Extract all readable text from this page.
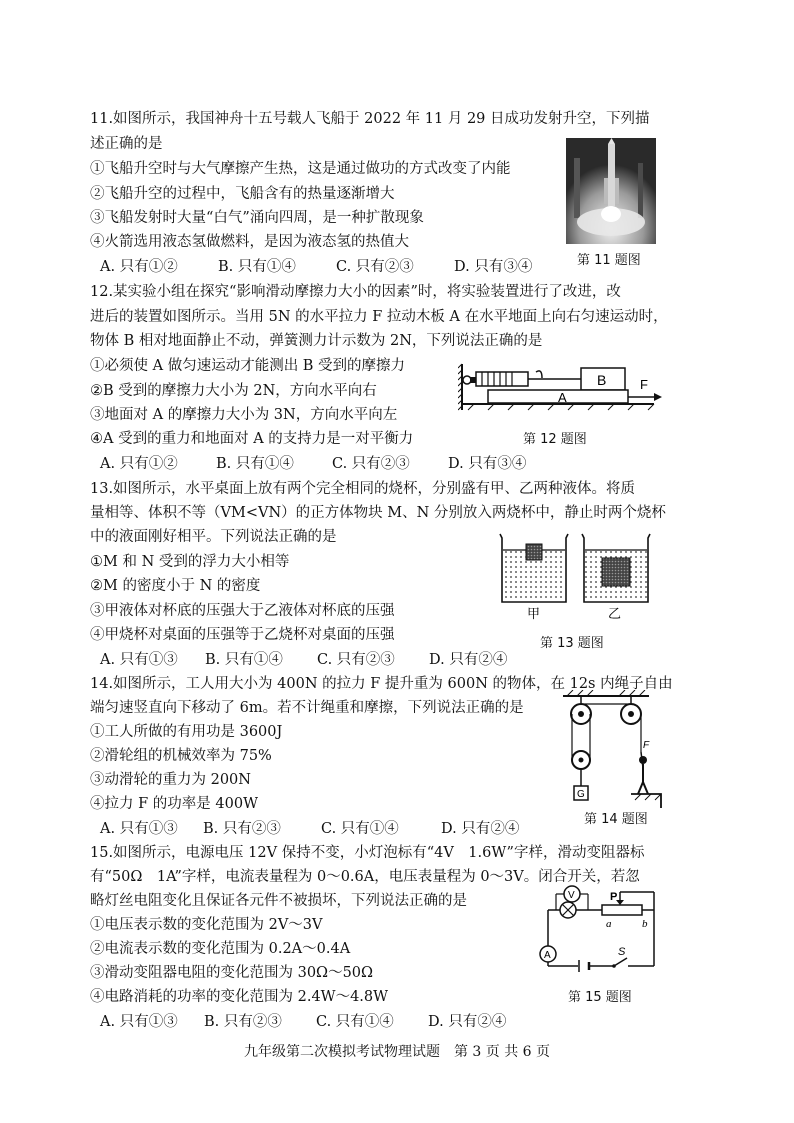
11.如图所示，我国神舟十五号载人飞船于 2022 年 11 月 29 日成功发射升空，下列描
述正确的是
①飞船升空时与大气摩擦产生热，这是通过做功的方式改变了内能
②飞船升空的过程中，飞船含有的热量逐渐增大
③飞船发射时大量“白气”涌向四周，是一种扩散现象
④火箭选用液态氢做燃料，是因为液态氢的热值大
A. 只有①②	B. 只有①④	C. 只有②③	D. 只有③④	第 11 题图
12.某实验小组在探究“影响滑动摩擦力大小的因素”时，将实验装置进行了改进，改
进后的装置如图所示。当用 5N 的水平拉力 F 拉动木板 A 在水平地面上向右匀速运动时，
物体 B 相对地面静止不动，弹簧测力计示数为 2N，下列说法正确的是
①必须使 A 做匀速运动才能测出 B 受到的摩擦力
②B 受到的摩擦力大小为 2N，方向水平向右
③地面对 A 的摩擦力大小为 3N，方向水平向左
④A 受到的重力和地面对 A 的支持力是一对平衡力
A. 只有①②	B. 只有①④	C. 只有②③	D. 只有③④
B
A
F
第 12 题图
13.如图所示，水平桌面上放有两个完全相同的烧杯，分别盛有甲、乙两种液体。将质
量相等、体积不等（VM<VN）的正方体物块 M、N 分别放入两烧杯中，静止时两个烧杯
中的液面刚好相平。下列说法正确的是
①M 和 N 受到的浮力大小相等
②M 的密度小于 N 的密度
③甲液体对杯底的压强大于乙液体对杯底的压强
④甲烧杯对桌面的压强等于乙烧杯对桌面的压强
A. 只有①③ B. 只有①④ C. 只有②③ D. 只有②④
甲	乙
第 13 题图
14.如图所示，工人用大小为 400N 的拉力 F 提升重为 600N 的物体，在 12s 内绳子自由
端匀速竖直向下移动了 6m。若不计绳重和摩擦，下列说法正确的是
①工人所做的有用功是 3600J
②滑轮组的机械效率为 75%
③动滑轮的重力为 200N
④拉力 F 的功率是 400W
A. 只有①③ B. 只有②③	C. 只有①④	D. 只有②④
G
F
第 14 题图
15.如图所示，电源电压 12V 保持不变，小灯泡标有“4V　1.6W”字样，滑动变阻器标
有“50Ω　1A”字样，电流表量程为 0～0.6A，电压表量程为 0～3V。闭合开关，若忽
略灯丝电阻变化且保证各元件不被损坏，下列说法正确的是
①电压表示数的变化范围为 2V～3V
②电流表示数的变化范围为 0.2A～0.4A
③滑动变阻器电阻的变化范围为 30Ω～50Ω
④电路消耗的功率的变化范围为 2.4W～4.8W
A. 只有①③ B. 只有②③ C. 只有①④ D. 只有②④
A	S
V	P
a	b
第 15 题图
九年级第二次模拟考试物理试题　第 3 页 共 6 页
